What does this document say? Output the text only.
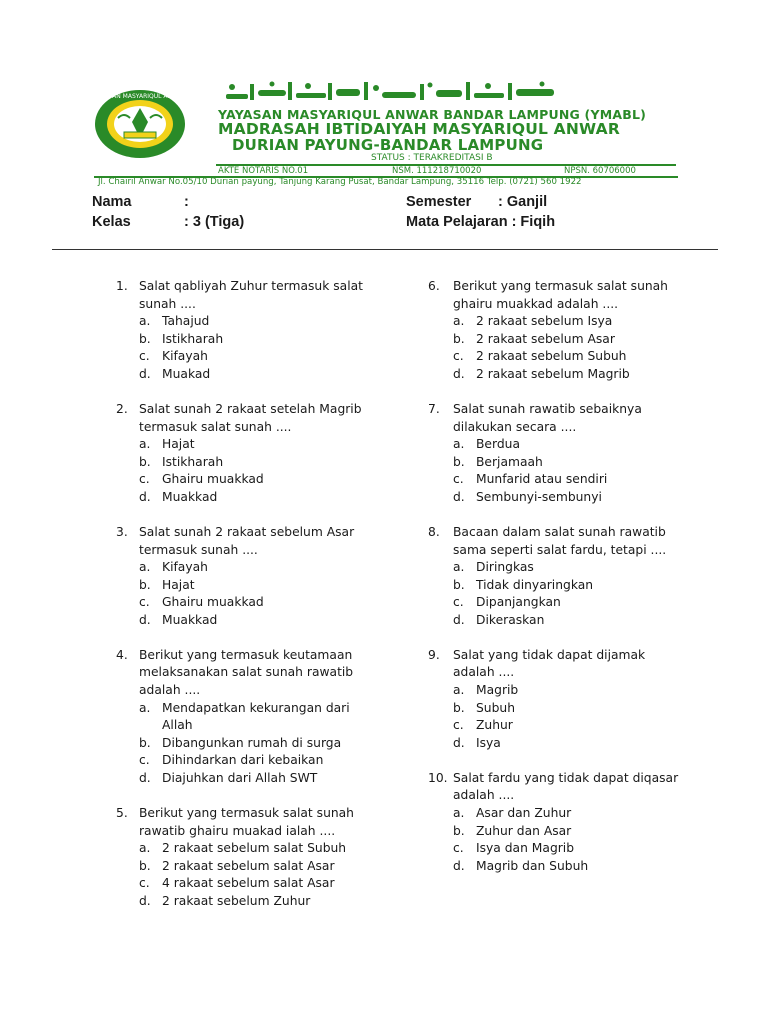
YAYASAN MASYARIQUL ANWAR
YAYASAN MASYARIQUL ANWAR BANDAR LAMPUNG (YMABL)
MADRASAH IBTIDAIYAH MASYARIQUL ANWAR
DURIAN PAYUNG-BANDAR LAMPUNG
STATUS : TERAKREDITASI B
AKTE NOTARIS NO.01	NSM. 111218710020	NPSN. 60706000
Jl. Chairil Anwar No.05/10 Durian payung, Tanjung Karang Pusat, Bandar Lampung, 35116 Telp. (0721) 560 1922
Nama	:
Kelas	: 3 (Tiga)
Semester : Ganjil
Mata Pelajaran : Fiqih
1. Salat qabliyah Zuhur termasuk salat
sunah ....
a. Tahajud
b. Istikharah
c. Kifayah
d. Muakad
2. Salat sunah 2 rakaat setelah Magrib
termasuk salat sunah ....
a. Hajat
b. Istikharah
c. Ghairu muakkad
d. Muakkad
3. Salat sunah 2 rakaat sebelum Asar
termasuk sunah ....
a. Kifayah
b. Hajat
c. Ghairu muakkad
d. Muakkad
4. Berikut yang termasuk keutamaan
melaksanakan salat sunah rawatib
adalah ....
a. Mendapatkan kekurangan dari Allah
b. Dibangunkan rumah di surga
c. Dihindarkan dari kebaikan
d. Diajuhkan dari Allah SWT
5. Berikut yang termasuk salat sunah
rawatib ghairu muakad ialah ....
a. 2 rakaat sebelum salat Subuh
b. 2 rakaat sebelum salat Asar
c. 4 rakaat sebelum salat Asar
d. 2 rakaat sebelum Zuhur
6. Berikut yang termasuk salat sunah
ghairu muakkad adalah ....
a. 2 rakaat sebelum Isya
b. 2 rakaat sebelum Asar
c. 2 rakaat sebelum Subuh
d. 2 rakaat sebelum Magrib
7. Salat sunah rawatib sebaiknya
dilakukan secara ....
a. Berdua
b. Berjamaah
c. Munfarid atau sendiri
d. Sembunyi-sembunyi
8. Bacaan dalam salat sunah rawatib
sama seperti salat fardu, tetapi ....
a. Diringkas
b. Tidak dinyaringkan
c. Dipanjangkan
d. Dikeraskan
9. Salat yang tidak dapat dijamak
adalah ....
a. Magrib
b. Subuh
c. Zuhur
d. Isya
10. Salat fardu yang tidak dapat diqasar
adalah ....
a. Asar dan Zuhur
b. Zuhur dan Asar
c. Isya dan Magrib
d. Magrib dan Subuh
